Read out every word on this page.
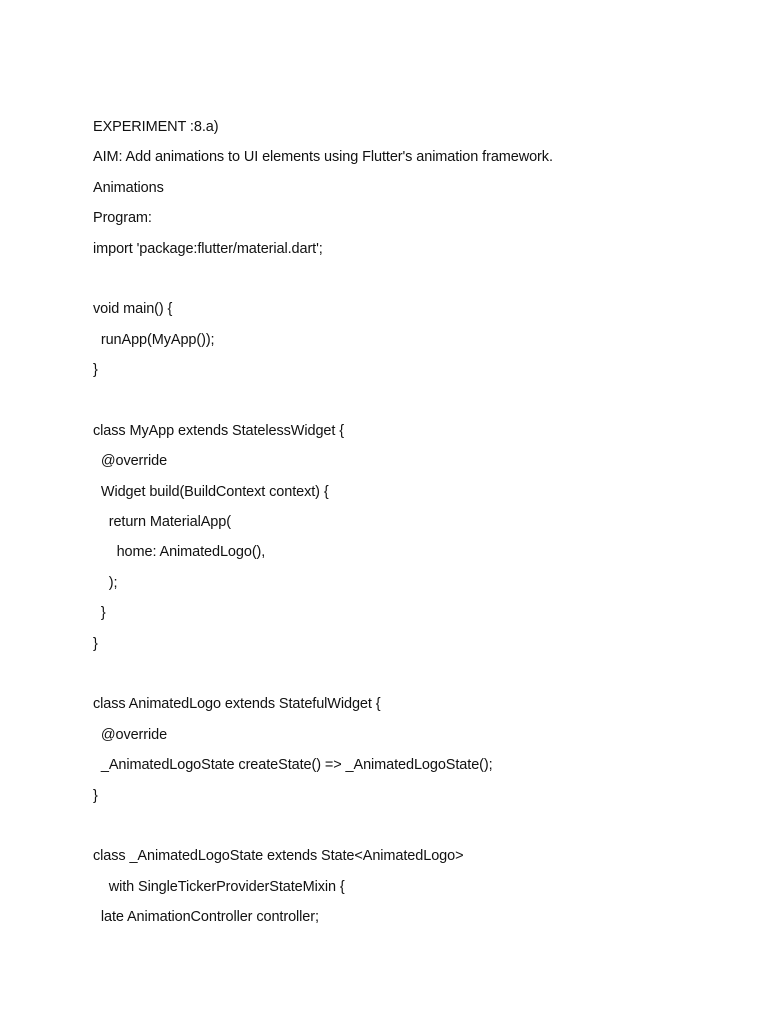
EXPERIMENT :8.a)
AIM: Add animations to UI elements using Flutter's animation framework.
Animations
Program:
import 'package:flutter/material.dart';
void main() {
runApp(MyApp());
}
class MyApp extends StatelessWidget {
@override
Widget build(BuildContext context) {
return MaterialApp(
home: AnimatedLogo(),
);
}
}
class AnimatedLogo extends StatefulWidget {
@override
_AnimatedLogoState createState() => _AnimatedLogoState();
}
class _AnimatedLogoState extends State<AnimatedLogo>
with SingleTickerProviderStateMixin {
late AnimationController controller;
